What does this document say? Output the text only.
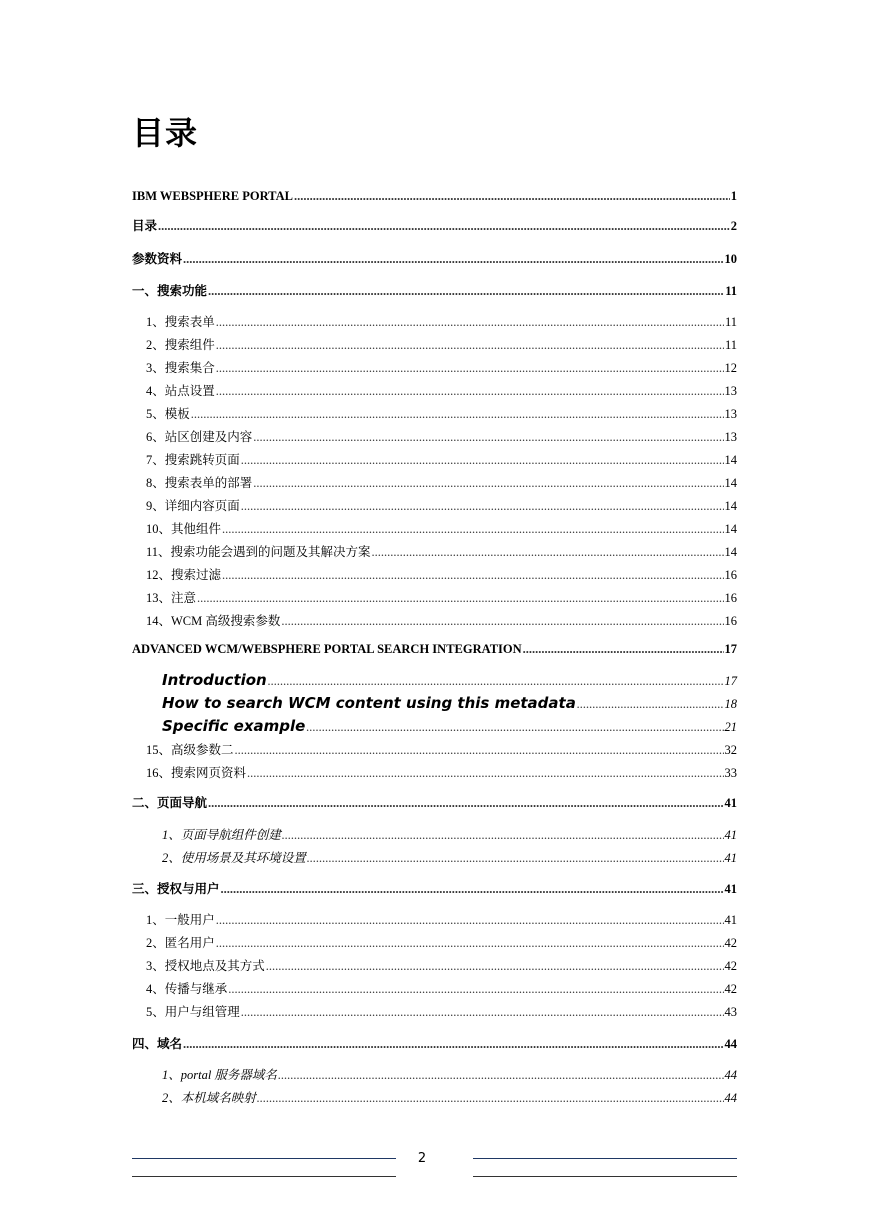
目录
IBM WEBSPHERE PORTAL .....	1
目录 .....	2
参数资料 .....	10
一、搜索功能 .....	11
1、搜索表单 .....	11
2、搜索组件 .....	11
3、搜索集合 .....	12
4、站点设置 .....	13
5、模板 .....	13
6、站区创建及内容 .....	13
7、搜索跳转页面 .....	14
8、搜索表单的部署 .....	14
9、详细内容页面 .....	14
10、其他组件 .....	14
11、搜索功能会遇到的问题及其解决方案 .....	14
12、搜索过滤 .....	16
13、注意 .....	16
14、WCM 高级搜索参数 .....	16
ADVANCED WCM/WEBSPHERE PORTAL SEARCH INTEGRATION .....	17
Introduction .....	17
How to search WCM content using this metadata .....	18
Specific example .....	21
15、高级参数二 .....	32
16、搜索网页资料 .....	33
二、页面导航 .....	41
1、页面导航组件创建 .....	41
2、使用场景及其环境设置 .....	41
三、授权与用户 .....	41
1、一般用户 .....	41
2、匿名用户 .....	42
3、授权地点及其方式 .....	42
4、传播与继承 .....	42
5、用户与组管理 .....	43
四、域名 .....	44
1、portal 服务器域名 .....	44
2、本机域名映射 .....	44
2
